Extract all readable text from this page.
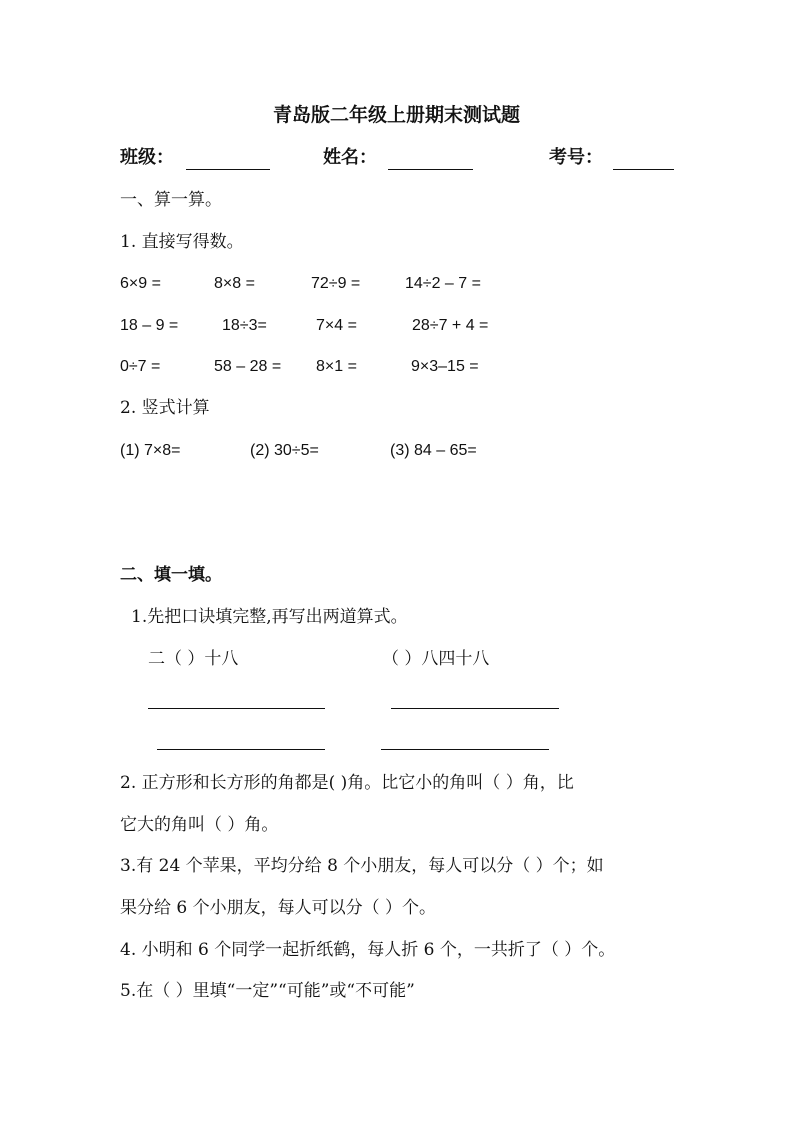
青岛版二年级上册期末测试题
班级：	姓名：	考号：
一、算一算。
1. 直接写得数。
6×9 =	8×8 =	72÷9 =	14÷2 – 7 =
18 – 9 =	18÷3=	7×4 =	28÷7 + 4 =
0÷7 =	58 – 28 = 8×1 =	9×3–15 =
2. 竖式计算
(1) 7×8=	(2) 30÷5=	(3) 84 – 65=
二、填一填。
1.先把口诀填完整,再写出两道算式。
二（ ）十八	（ ）八四十八
2. 正方形和长方形的角都是( )角。比它小的角叫（ ）角，比
它大的角叫（ ）角。
3.有 24 个苹果，平均分给 8 个小朋友，每人可以分（ ）个；如
果分给 6 个小朋友，每人可以分（ ）个。
4. 小明和 6 个同学一起折纸鹤，每人折 6 个，一共折了（ ）个。
5.在（ ）里填“一定”“可能”或“不可能”
